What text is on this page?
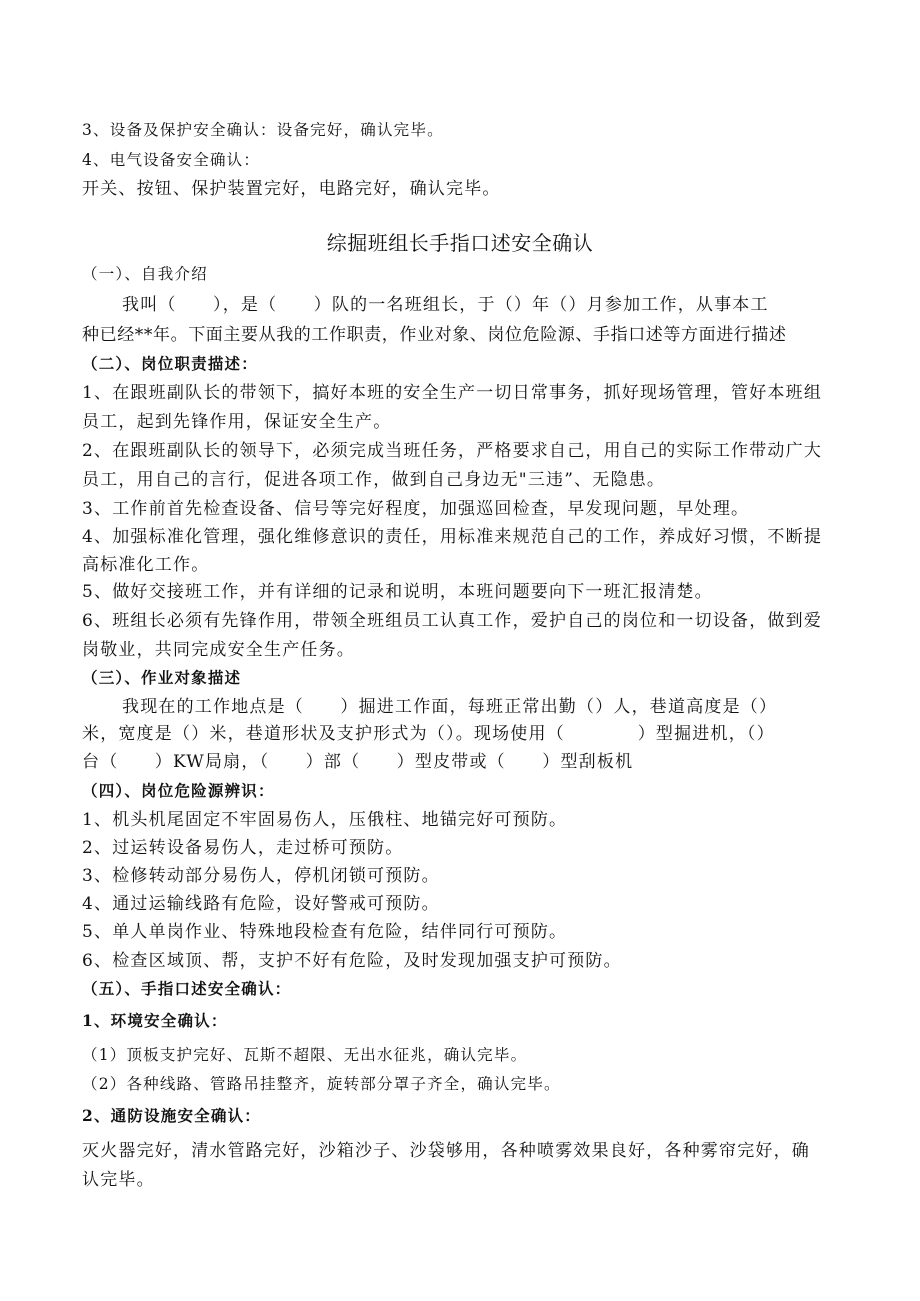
3、设备及保护安全确认：设备完好，确认完毕。
4、电气设备安全确认：
开关、按钮、保护装置完好，电路完好，确认完毕。
综掘班组长手指口述安全确认
（一）、自我介绍
我叫（　　），是（　　）队的一名班组长，于（）年（）月参加工作，从事本工
种已经**年。下面主要从我的工作职责，作业对象、岗位危险源、手指口述等方面进行描述
（二）、岗位职责描述：
1、在跟班副队长的带领下，搞好本班的安全生产一切日常事务，抓好现场管理，管好本班组
员工，起到先锋作用，保证安全生产。
2、在跟班副队长的领导下，必须完成当班任务，严格要求自己，用自己的实际工作带动广大
员工，用自己的言行，促进各项工作，做到自己身边无"三违”、无隐患。
3、工作前首先检查设备、信号等完好程度，加强巡回检查，早发现问题，早处理。
4、加强标准化管理，强化维修意识的责任，用标准来规范自己的工作，养成好习惯，不断提
高标准化工作。
5、做好交接班工作，并有详细的记录和说明，本班问题要向下一班汇报清楚。
6、班组长必须有先锋作用，带领全班组员工认真工作，爱护自己的岗位和一切设备，做到爱
岗敬业，共同完成安全生产任务。
（三）、作业对象描述
我现在的工作地点是（　　）掘进工作面，每班正常出勤（）人，巷道高度是（）
米，宽度是（）米，巷道形状及支护形式为（）。现场使用（　　　　）型掘进机，（）
台（　　）KW局扇，（　　）部（　　）型皮带或（　　）型刮板机
（四）、岗位危险源辨识：
1、机头机尾固定不牢固易伤人，压俄柱、地锚完好可预防。
2、过运转设备易伤人，走过桥可预防。
3、检修转动部分易伤人，停机闭锁可预防。
4、通过运输线路有危险，设好警戒可预防。
5、单人单岗作业、特殊地段检查有危险，结伴同行可预防。
6、检查区域顶、帮，支护不好有危险，及时发现加强支护可预防。
（五）、手指口述安全确认：
1、环境安全确认：
（1）顶板支护完好、瓦斯不超限、无出水征兆，确认完毕。
（2）各种线路、管路吊挂整齐，旋转部分罩子齐全，确认完毕。
2、通防设施安全确认：
灭火器完好，清水管路完好，沙箱沙子、沙袋够用，各种喷雾效果良好，各种雾帘完好，确
认完毕。
